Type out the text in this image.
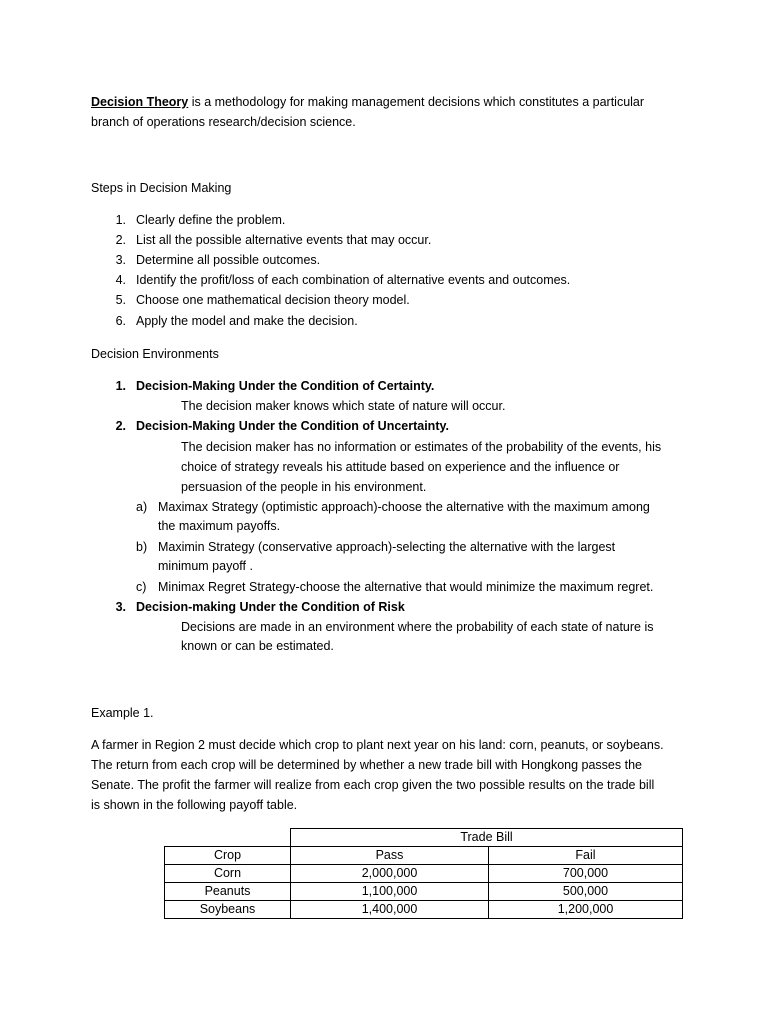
Decision Theory is a methodology for making management decisions which constitutes a particular
branch of operations research/decision science.
Steps in Decision Making
1. Clearly define the problem.
2. List all the possible alternative events that may occur.
3. Determine all possible outcomes.
4. Identify the profit/loss of each combination of alternative events and outcomes.
5. Choose one mathematical decision theory model.
6. Apply the model and make the decision.
Decision Environments
1. Decision-Making Under the Condition of Certainty.
The decision maker knows which state of nature will occur.
2. Decision-Making Under the Condition of Uncertainty.
The decision maker has no information or estimates of the probability of the events, his
choice of strategy reveals his attitude based on experience and the influence or
persuasion of the people in his environment.
a) Maximax Strategy (optimistic approach)-choose the alternative with the maximum among
the maximum payoffs.
b) Maximin Strategy (conservative approach)-selecting the alternative with the largest
minimum payoff .
c) Minimax Regret Strategy-choose the alternative that would minimize the maximum regret.
3. Decision-making Under the Condition of Risk
Decisions are made in an environment where the probability of each state of nature is
known or can be estimated.
Example 1.
A farmer in Region 2 must decide which crop to plant next year on his land: corn, peanuts, or soybeans.
The return from each crop will be determined by whether a new trade bill with Hongkong passes the
Senate. The profit the farmer will realize from each crop given the two possible results on the trade bill
is shown in the following payoff table.
	Trade Bill	
Crop	Pass	Fail
Corn	2,000,000	700,000
Peanuts	1,100,000	500,000
Soybeans	1,400,000	1,200,000
